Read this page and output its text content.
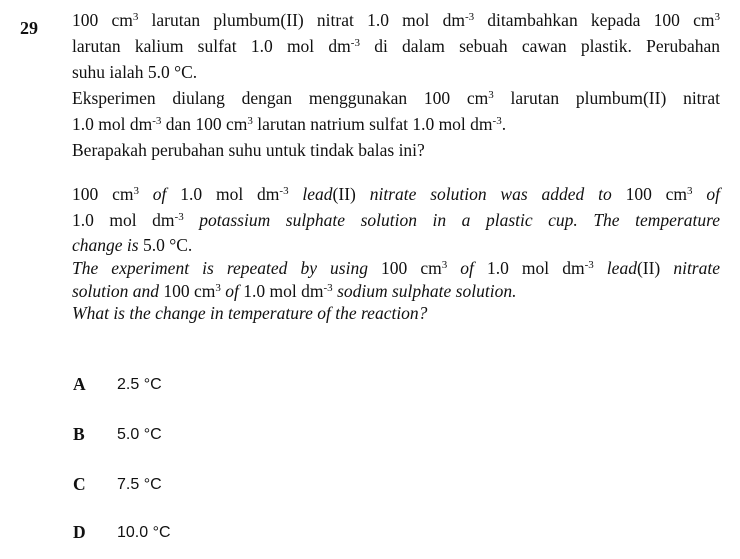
29 100 $cm^3$ larutan plumbum(II) nitrat 1.0 mol $dm^{-3}$ ditambahkan kepada 100 $cm^3$
larutan kalium sulfat 1.0 mol $dm^{-3}$ di dalam sebuah cawan plastik. Perubahan
suhu ialah 5.0 °C.
Eksperimen diulang dengan menggunakan 100 $cm^3$ larutan plumbum(II) nitrat
1.0 mol $dm^{-3}$ dan 100 $cm^3$ larutan natrium sulfat 1.0 mol $dm^{-3}$.
Berapakah perubahan suhu untuk tindak balas ini?
100 $cm^3$ of 1.0 mol $dm^{-3}$ lead(II) nitrate solution was added to 100 $cm^3$ of
1.0 mol $dm^{-3}$ potassium sulphate solution in a plastic cup. The temperature
change is 5.0 °C.
The experiment is repeated by using 100 $cm^3$ of 1.0 mol $dm^{-3}$ lead(II) nitrate
solution and 100 $cm^3$ of 1.0 mol $dm^{-3}$ sodium sulphate solution.
What is the change in temperature of the reaction?
A 2.5 °C
B 5.0 °C
C 7.5 °C
D 10.0 °C
